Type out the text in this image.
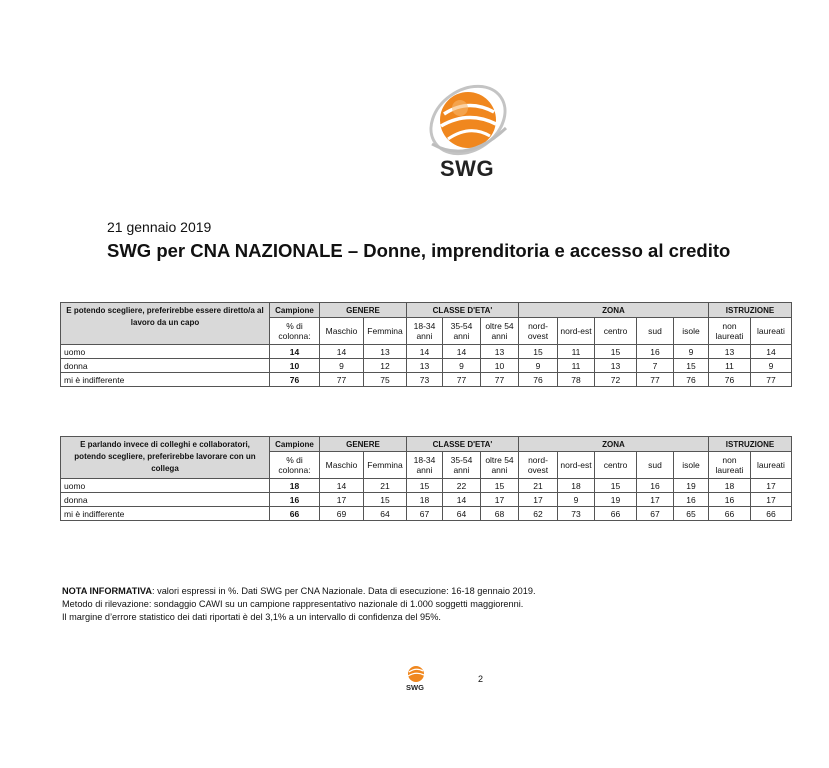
SWG
21 gennaio 2019
SWG per CNA NAZIONALE – Donne, imprenditoria e accesso al credito
E potendo scegliere, preferirebbe essere diretto/a al lavoro da un capo	Campione	GENERE		CLASSE D'ETA'			ZONA					ISTRUZIONE	
	% di colonna:	Maschio	Femmina	18-34 anni	35-54 anni	oltre 54 anni	nord-ovest	nord-est	centro	sud	isole	non laureati	laureati
uomo	14	14	13	14	14	13	15	11	15	16	9	13	14
donna	10	9	12	13	9	10	9	11	13	7	15	11	9
mi è indifferente	76	77	75	73	77	77	76	78	72	77	76	76	77
E parlando invece di colleghi e collaboratori, potendo scegliere, preferirebbe lavorare con un collega	Campione	GENERE		CLASSE D'ETA'			ZONA					ISTRUZIONE	
	% di colonna:	Maschio	Femmina	18-34 anni	35-54 anni	oltre 54 anni	nord-ovest	nord-est	centro	sud	isole	non laureati	laureati
uomo	18	14	21	15	22	15	21	18	15	16	19	18	17
donna	16	17	15	18	14	17	17	9	19	17	16	16	17
mi è indifferente	66	69	64	67	64	68	62	73	66	67	65	66	66
NOTA INFORMATIVA: valori espressi in %. Dati SWG per CNA Nazionale. Data di esecuzione: 16-18 gennaio 2019.
Metodo di rilevazione: sondaggio CAWI su un campione rappresentativo nazionale di 1.000 soggetti maggiorenni.
Il margine d’errore statistico dei dati riportati è del 3,1% a un intervallo di confidenza del 95%.
SWG
2
